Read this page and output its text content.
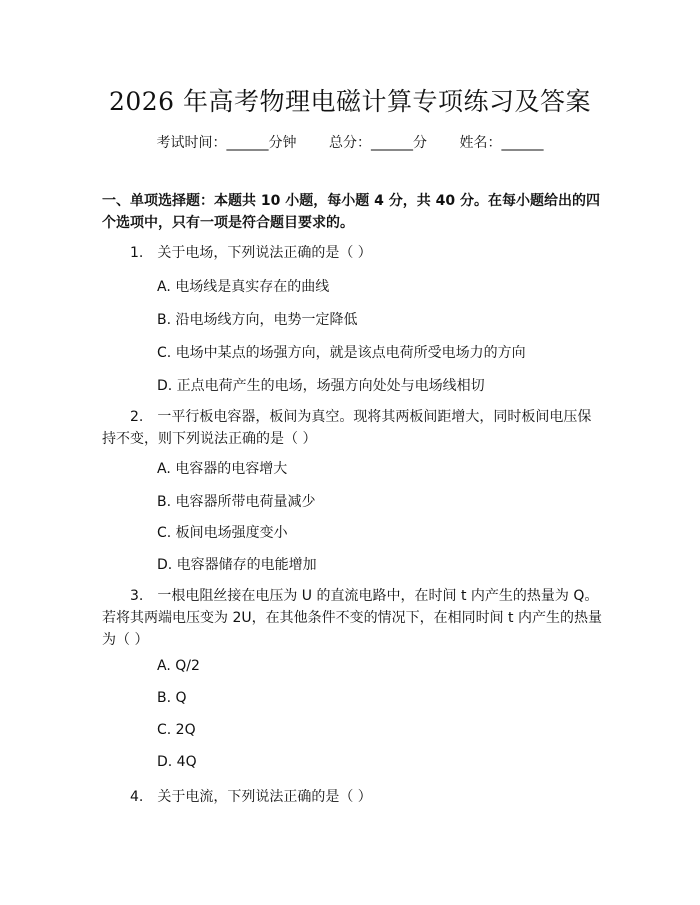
2026 年高考物理电磁计算专项练习及答案
考试时间：______分钟 总分：______分 姓名：______
一、单项选择题：本题共 10 小题，每小题 4 分，共 40 分。在每小题给出的四个选项中，只有一项是符合题目要求的。
1.　关于电场，下列说法正确的是（ ）
A. 电场线是真实存在的曲线
B. 沿电场线方向，电势一定降低
C. 电场中某点的场强方向，就是该点电荷所受电场力的方向
D. 正点电荷产生的电场，场强方向处处与电场线相切
2.　一平行板电容器，板间为真空。现将其两板间距增大，同时板间电压保持不变，则下列说法正确的是（ ）
A. 电容器的电容增大
B. 电容器所带电荷量减少
C. 板间电场强度变小
D. 电容器储存的电能增加
3.　一根电阻丝接在电压为 U 的直流电路中，在时间 t 内产生的热量为 Q。若将其两端电压变为 2U，在其他条件不变的情况下，在相同时间 t 内产生的热量为（ ）
A. Q/2
B. Q
C. 2Q
D. 4Q
4.　关于电流，下列说法正确的是（ ）
